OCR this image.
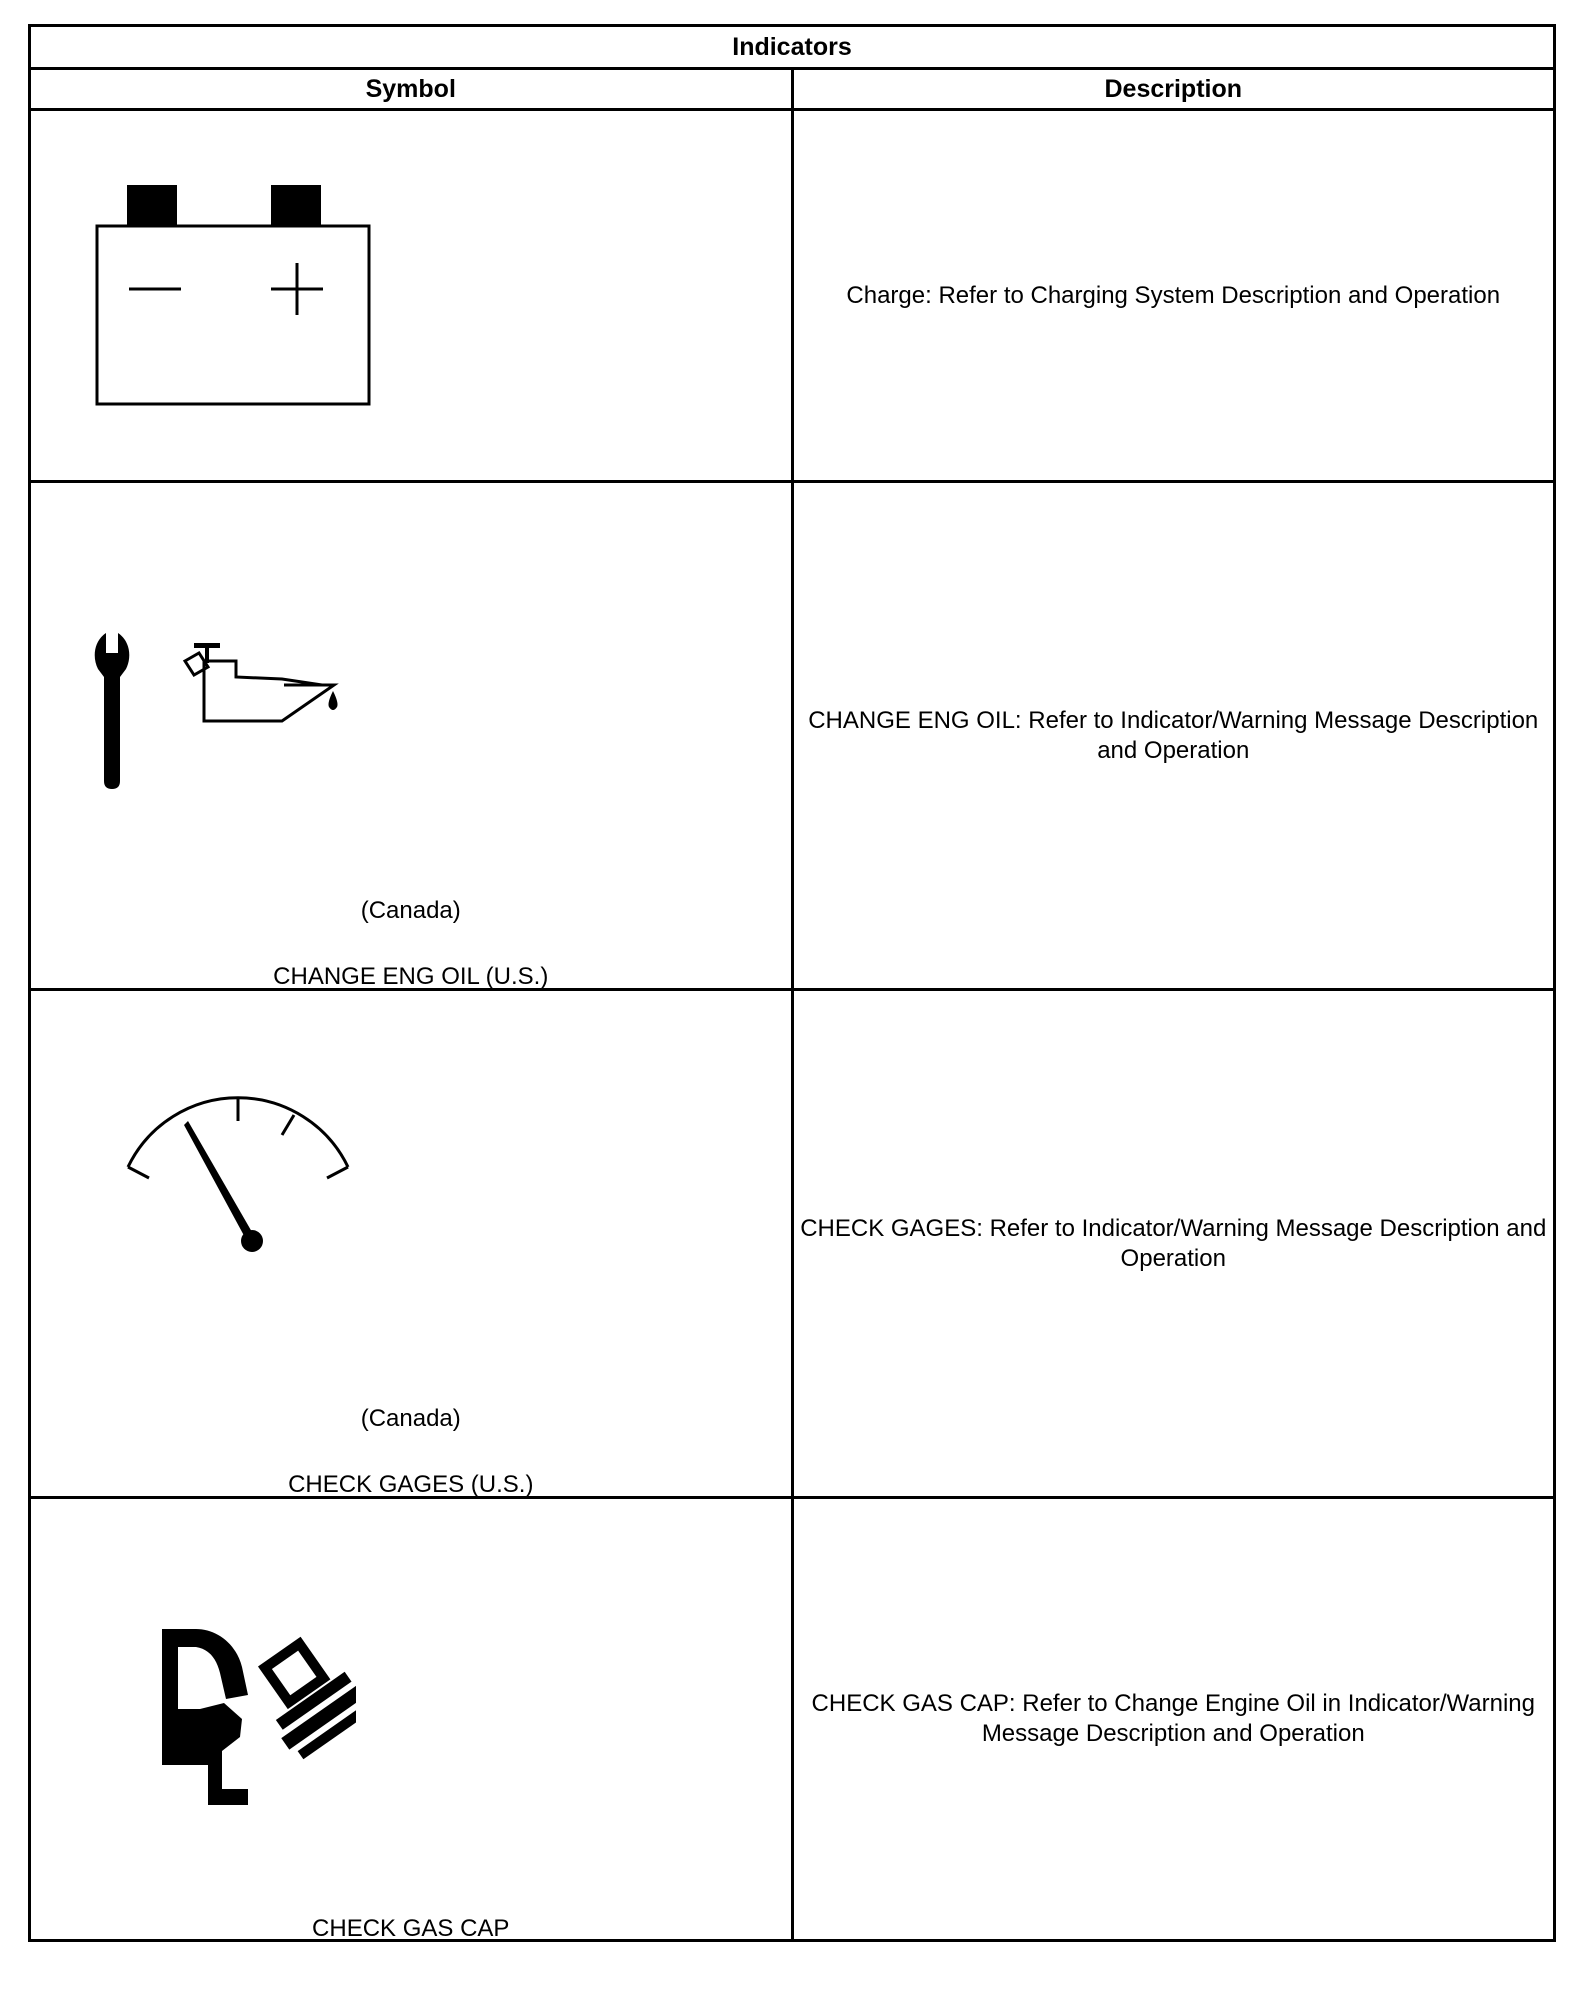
Indicators	
Symbol	Description

	Charge: Refer to Charging System Description and Operation

(Canada)
CHANGE ENG OIL (U.S.)	CHANGE ENG OIL: Refer to Indicator/Warning Message Description and Operation

(Canada)
CHECK GAGES (U.S.)	CHECK GAGES: Refer to Indicator/Warning Message Description and Operation

CHECK GAS CAP	CHECK GAS CAP: Refer to Change Engine Oil in Indicator/Warning Message Description and Operation
